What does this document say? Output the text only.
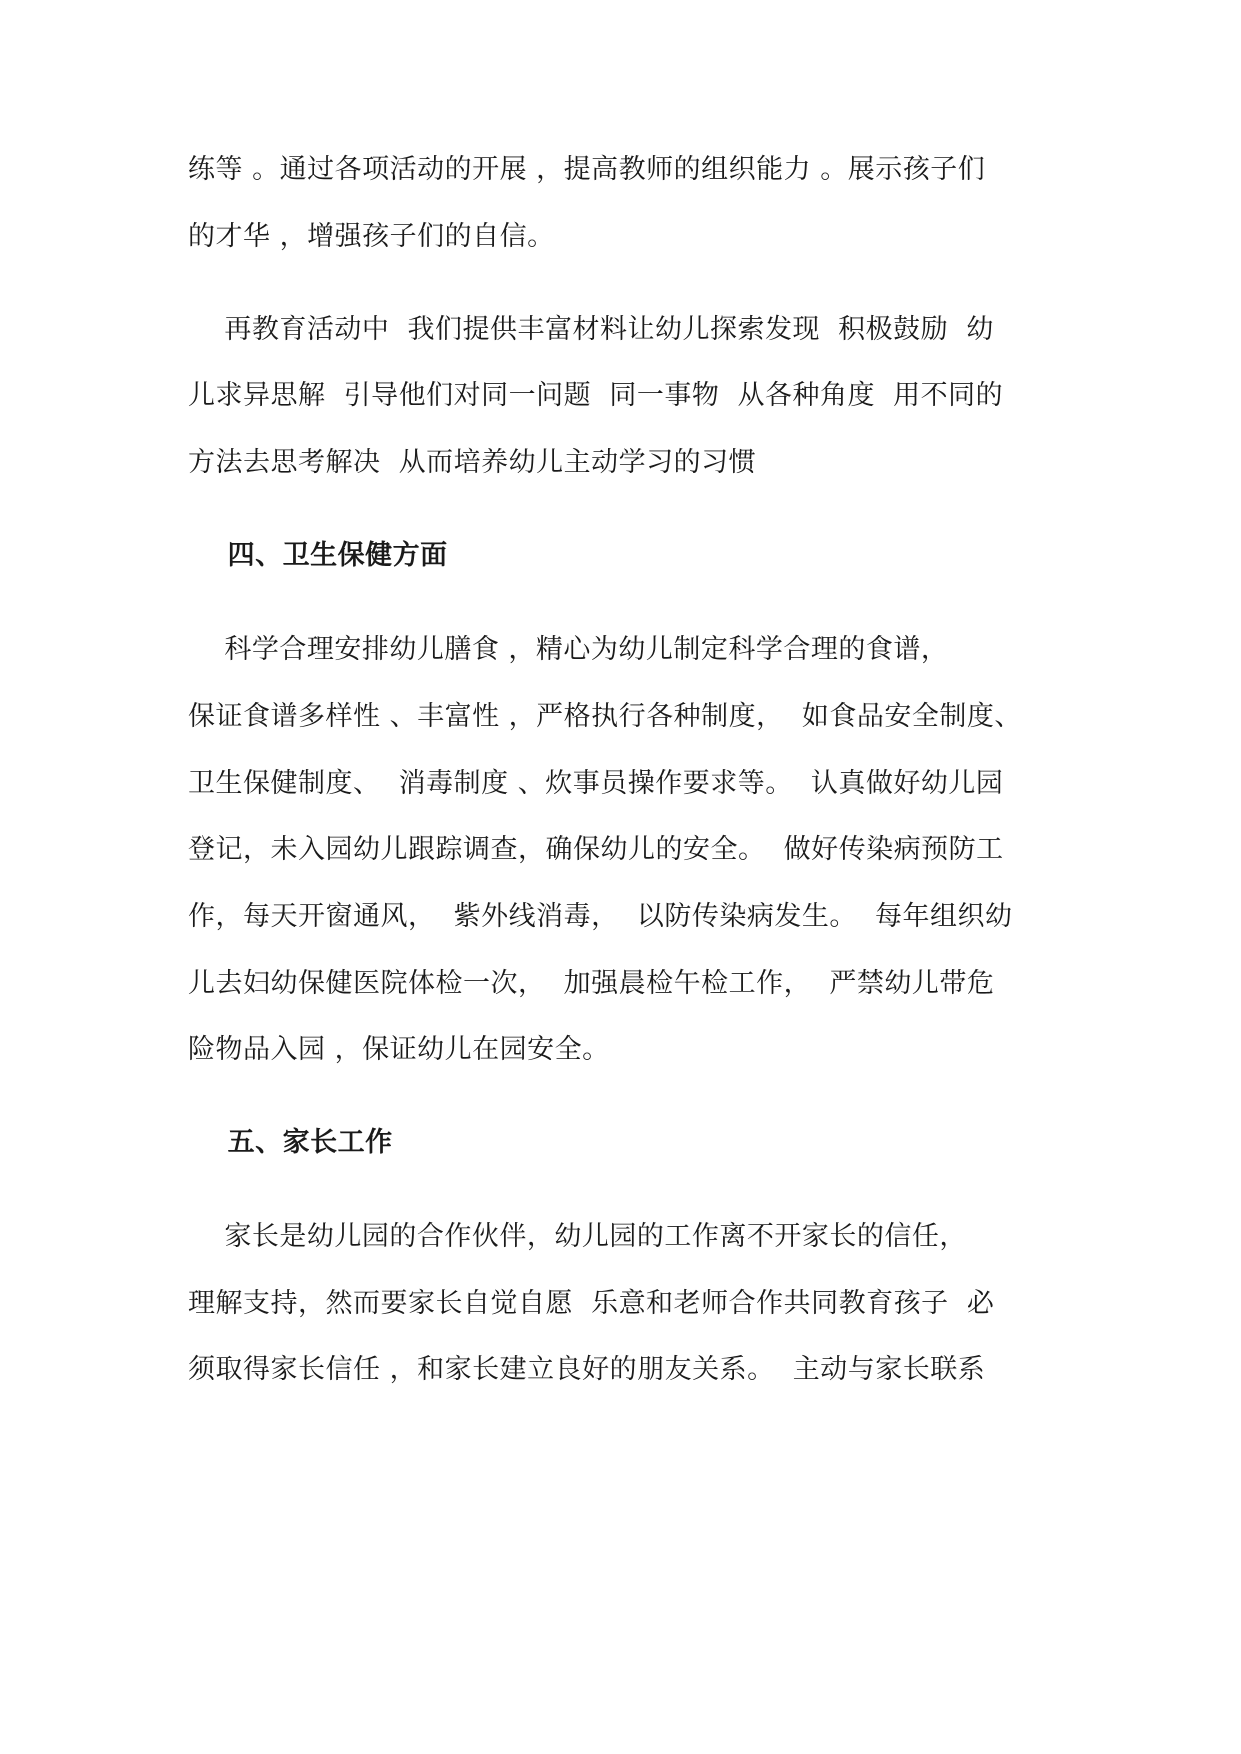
练等 。通过各项活动的开展 ，提高教师的组织能力 。展示孩子们
的才华 ，增强孩子们的自信。
再教育活动中  我们提供丰富材料让幼儿探索发现  积极鼓励  幼
儿求异思解  引导他们对同一问题  同一事物  从各种角度  用不同的
方法去思考解决  从而培养幼儿主动学习的习惯
四、卫生保健方面
科学合理安排幼儿膳食 ，精心为幼儿制定科学合理的食谱，
保证食谱多样性 、丰富性 ，严格执行各种制度，  如食品安全制度、
卫生保健制度、  消毒制度 、炊事员操作要求等。  认真做好幼儿园
登记，未入园幼儿跟踪调查，确保幼儿的安全。  做好传染病预防工
作，每天开窗通风，  紫外线消毒，  以防传染病发生。  每年组织幼
儿去妇幼保健医院体检一次，  加强晨检午检工作，  严禁幼儿带危
险物品入园 ，保证幼儿在园安全。
五、家长工作
家长是幼儿园的合作伙伴，幼儿园的工作离不开家长的信任，
理解支持，然而要家长自觉自愿  乐意和老师合作共同教育孩子  必
须取得家长信任 ，和家长建立良好的朋友关系。  主动与家长联系
